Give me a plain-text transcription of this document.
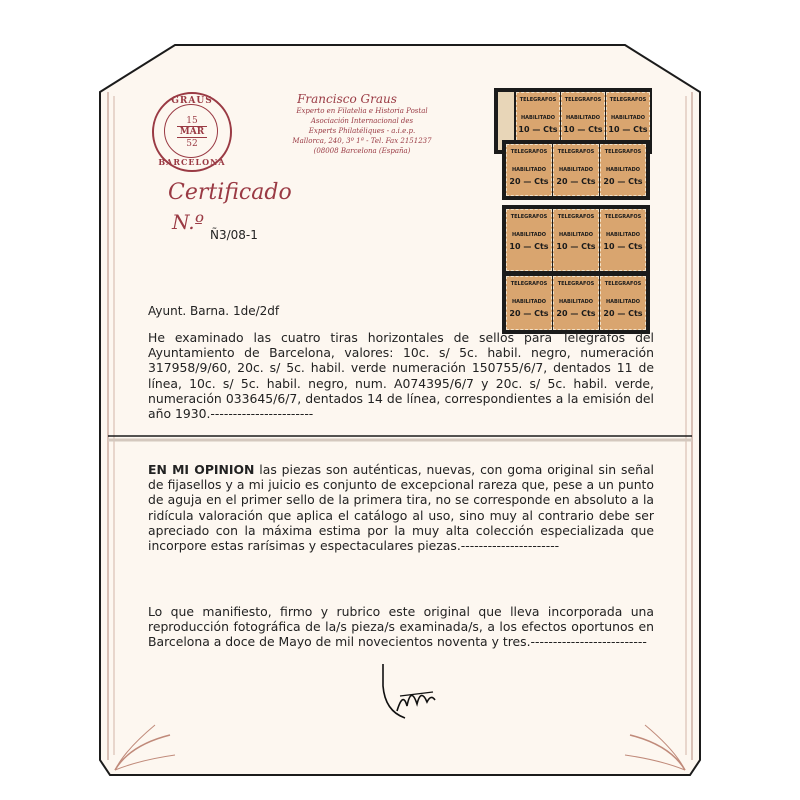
GRAUS
15
MAR
52
BARCELONA
Francisco Graus
Experto en Filatelia e Historia Postal
Asociación Internacional des
Experts Philatéliques - a.i.e.p.
Mallorca, 240, 3º 1ª - Tel. Fax 2151237
(08008 Barcelona (España)
Certificado
N.º
Ñ3/08-1
TELEGRAFOS
HABILITADO
10 — Cts
TELEGRAFOS
HABILITADO
10 — Cts
TELEGRAFOS
HABILITADO
10 — Cts
TELEGRAFOS
HABILITADO
20 — Cts
TELEGRAFOS
HABILITADO
20 — Cts
TELEGRAFOS
HABILITADO
20 — Cts
TELEGRAFOS
HABILITADO
10 — Cts
TELEGRAFOS
HABILITADO
10 — Cts
TELEGRAFOS
HABILITADO
10 — Cts
TELEGRAFOS
HABILITADO
20 — Cts
TELEGRAFOS
HABILITADO
20 — Cts
TELEGRAFOS
HABILITADO
20 — Cts
Ayunt. Barna. 1de/2df
He examinado las cuatro tiras horizontales de sellos para Telégrafos del Ayuntamiento de Barcelona, valores: 10c. s/ 5c. habil. negro, numeración 317958/9/60, 20c. s/ 5c. habil. verde numeración 150755/6/7, dentados 11 de línea, 10c. s/ 5c. habil. negro, num. A074395/6/7 y 20c. s/ 5c. habil. verde, numeración 033645/6/7, dentados 14 de línea, correspondientes a la emisión del año 1930.-----------------------
EN MI OPINION las piezas son auténticas, nuevas, con goma original sin señal de fijasellos y a mi juicio es conjunto de excepcional rareza que, pese a un punto de aguja en el primer sello de la primera tira, no se corresponde en absoluto a la ridícula valoración que aplica el catálogo al uso, sino muy al contrario debe ser apreciado con la máxima estima por la muy alta colección especializada que incorpore estas rarísimas y espectaculares piezas.----------------------
Lo que manifiesto, firmo y rubrico este original que lleva incorporada una reproducción fotográfica de la/s pieza/s examinada/s, a los efectos oportunos en Barcelona a doce de Mayo de mil novecientos noventa y tres.--------------------------
